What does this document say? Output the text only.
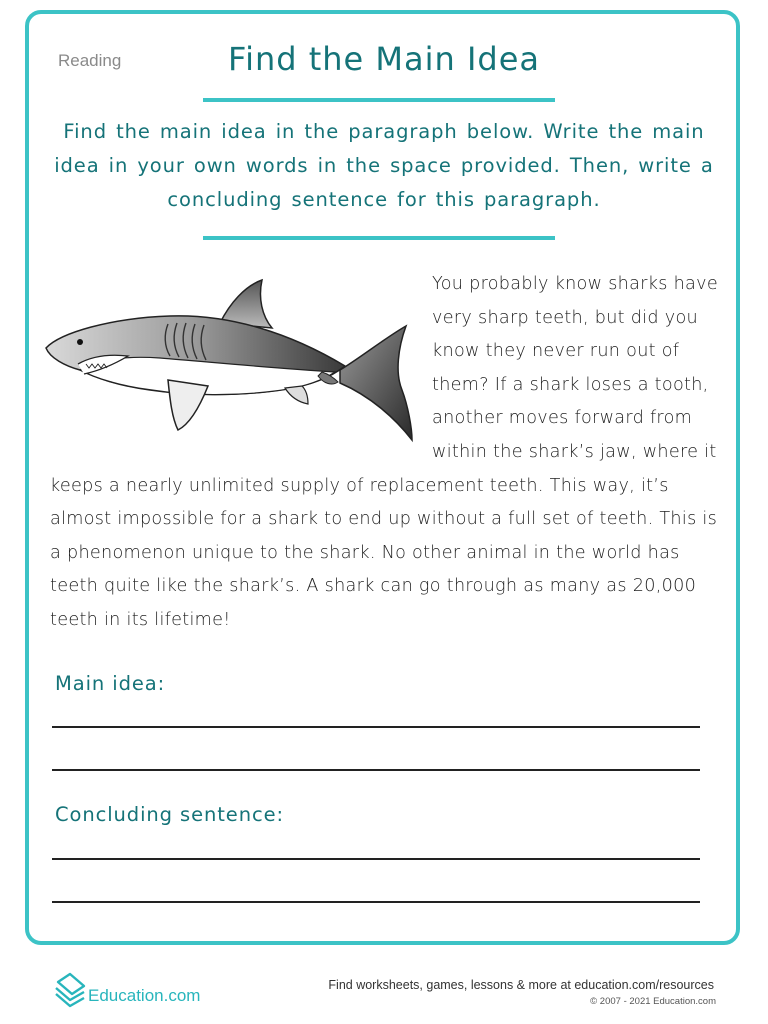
Reading	Find the Main Idea
Find the main idea in the paragraph below. Write the main idea in your own words in the space provided. Then, write a concluding sentence for this paragraph.
You probably know sharks have very sharp teeth, but did you know they never run out of them? If a shark loses a tooth, another moves forward from within the shark’s jaw, where it keeps a nearly unlimited supply of replacement teeth. This way, it’s almost impossible for a shark to end up without a full set of teeth. This is a phenomenon unique to the shark. No other animal in the world has teeth quite like the shark’s. A shark can go through as many as 20,000 teeth in its lifetime!
Main idea:
Concluding sentence:
Education.com
Find worksheets, games, lessons & more at education.com/resources
© 2007 - 2021 Education.com
